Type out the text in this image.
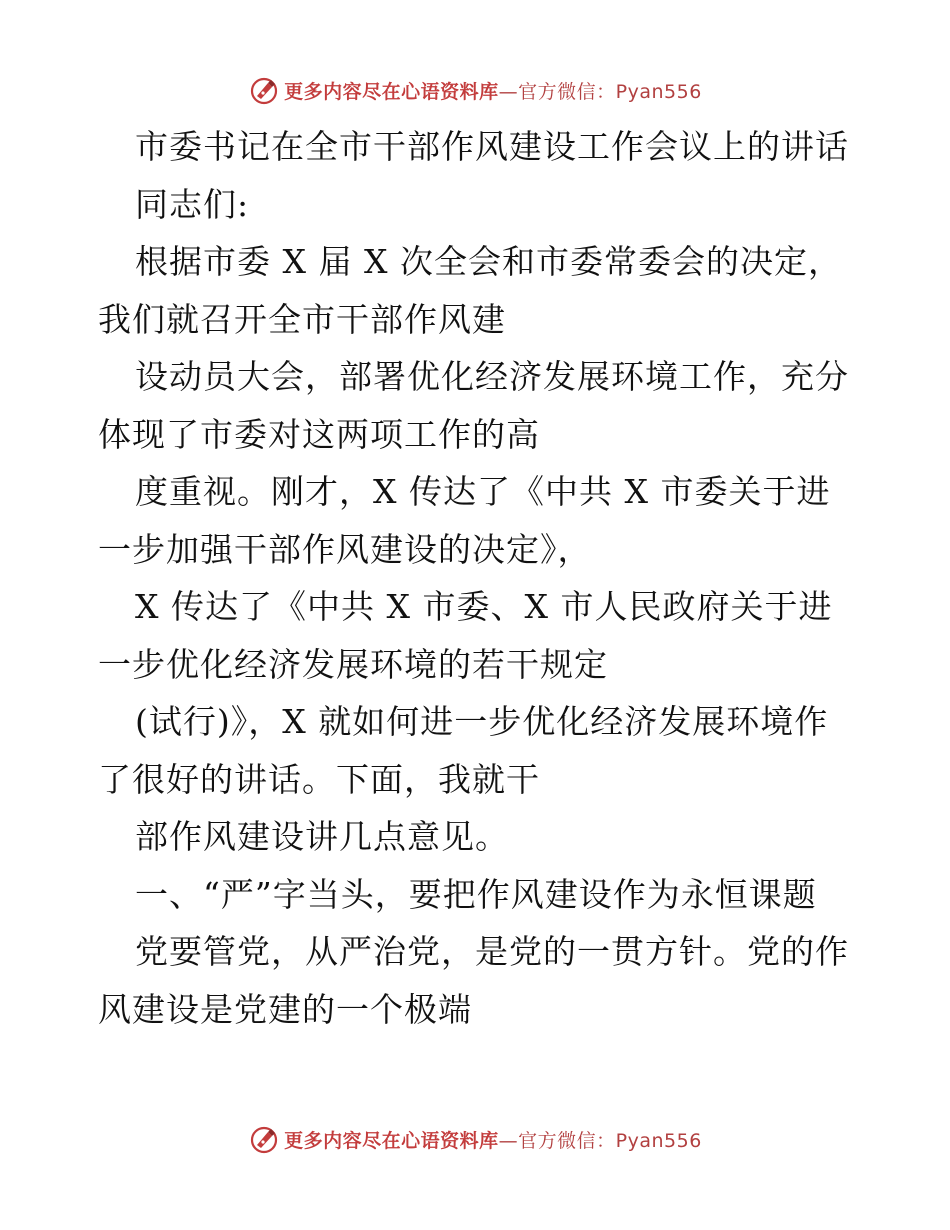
更多内容尽在心语资料库 —官方微信：Pyan556
市委书记在全市干部作风建设工作会议上的讲话
同志们:
根据市委 X 届 X 次全会和市委常委会的决定，
我们就召开全市干部作风建
设动员大会，部署优化经济发展环境工作，充分
体现了市委对这两项工作的高
度重视。刚才，X 传达了《中共 X 市委关于进
一步加强干部作风建设的决定》，
X 传达了《中共 X 市委、X 市人民政府关于进
一步优化经济发展环境的若干规定
(试行)》，X 就如何进一步优化经济发展环境作
了很好的讲话。下面，我就干
部作风建设讲几点意见。
一、“严”字当头，要把作风建设作为永恒课题
党要管党，从严治党，是党的一贯方针。党的作
风建设是党建的一个极端
更多内容尽在心语资料库 —官方微信：Pyan556
